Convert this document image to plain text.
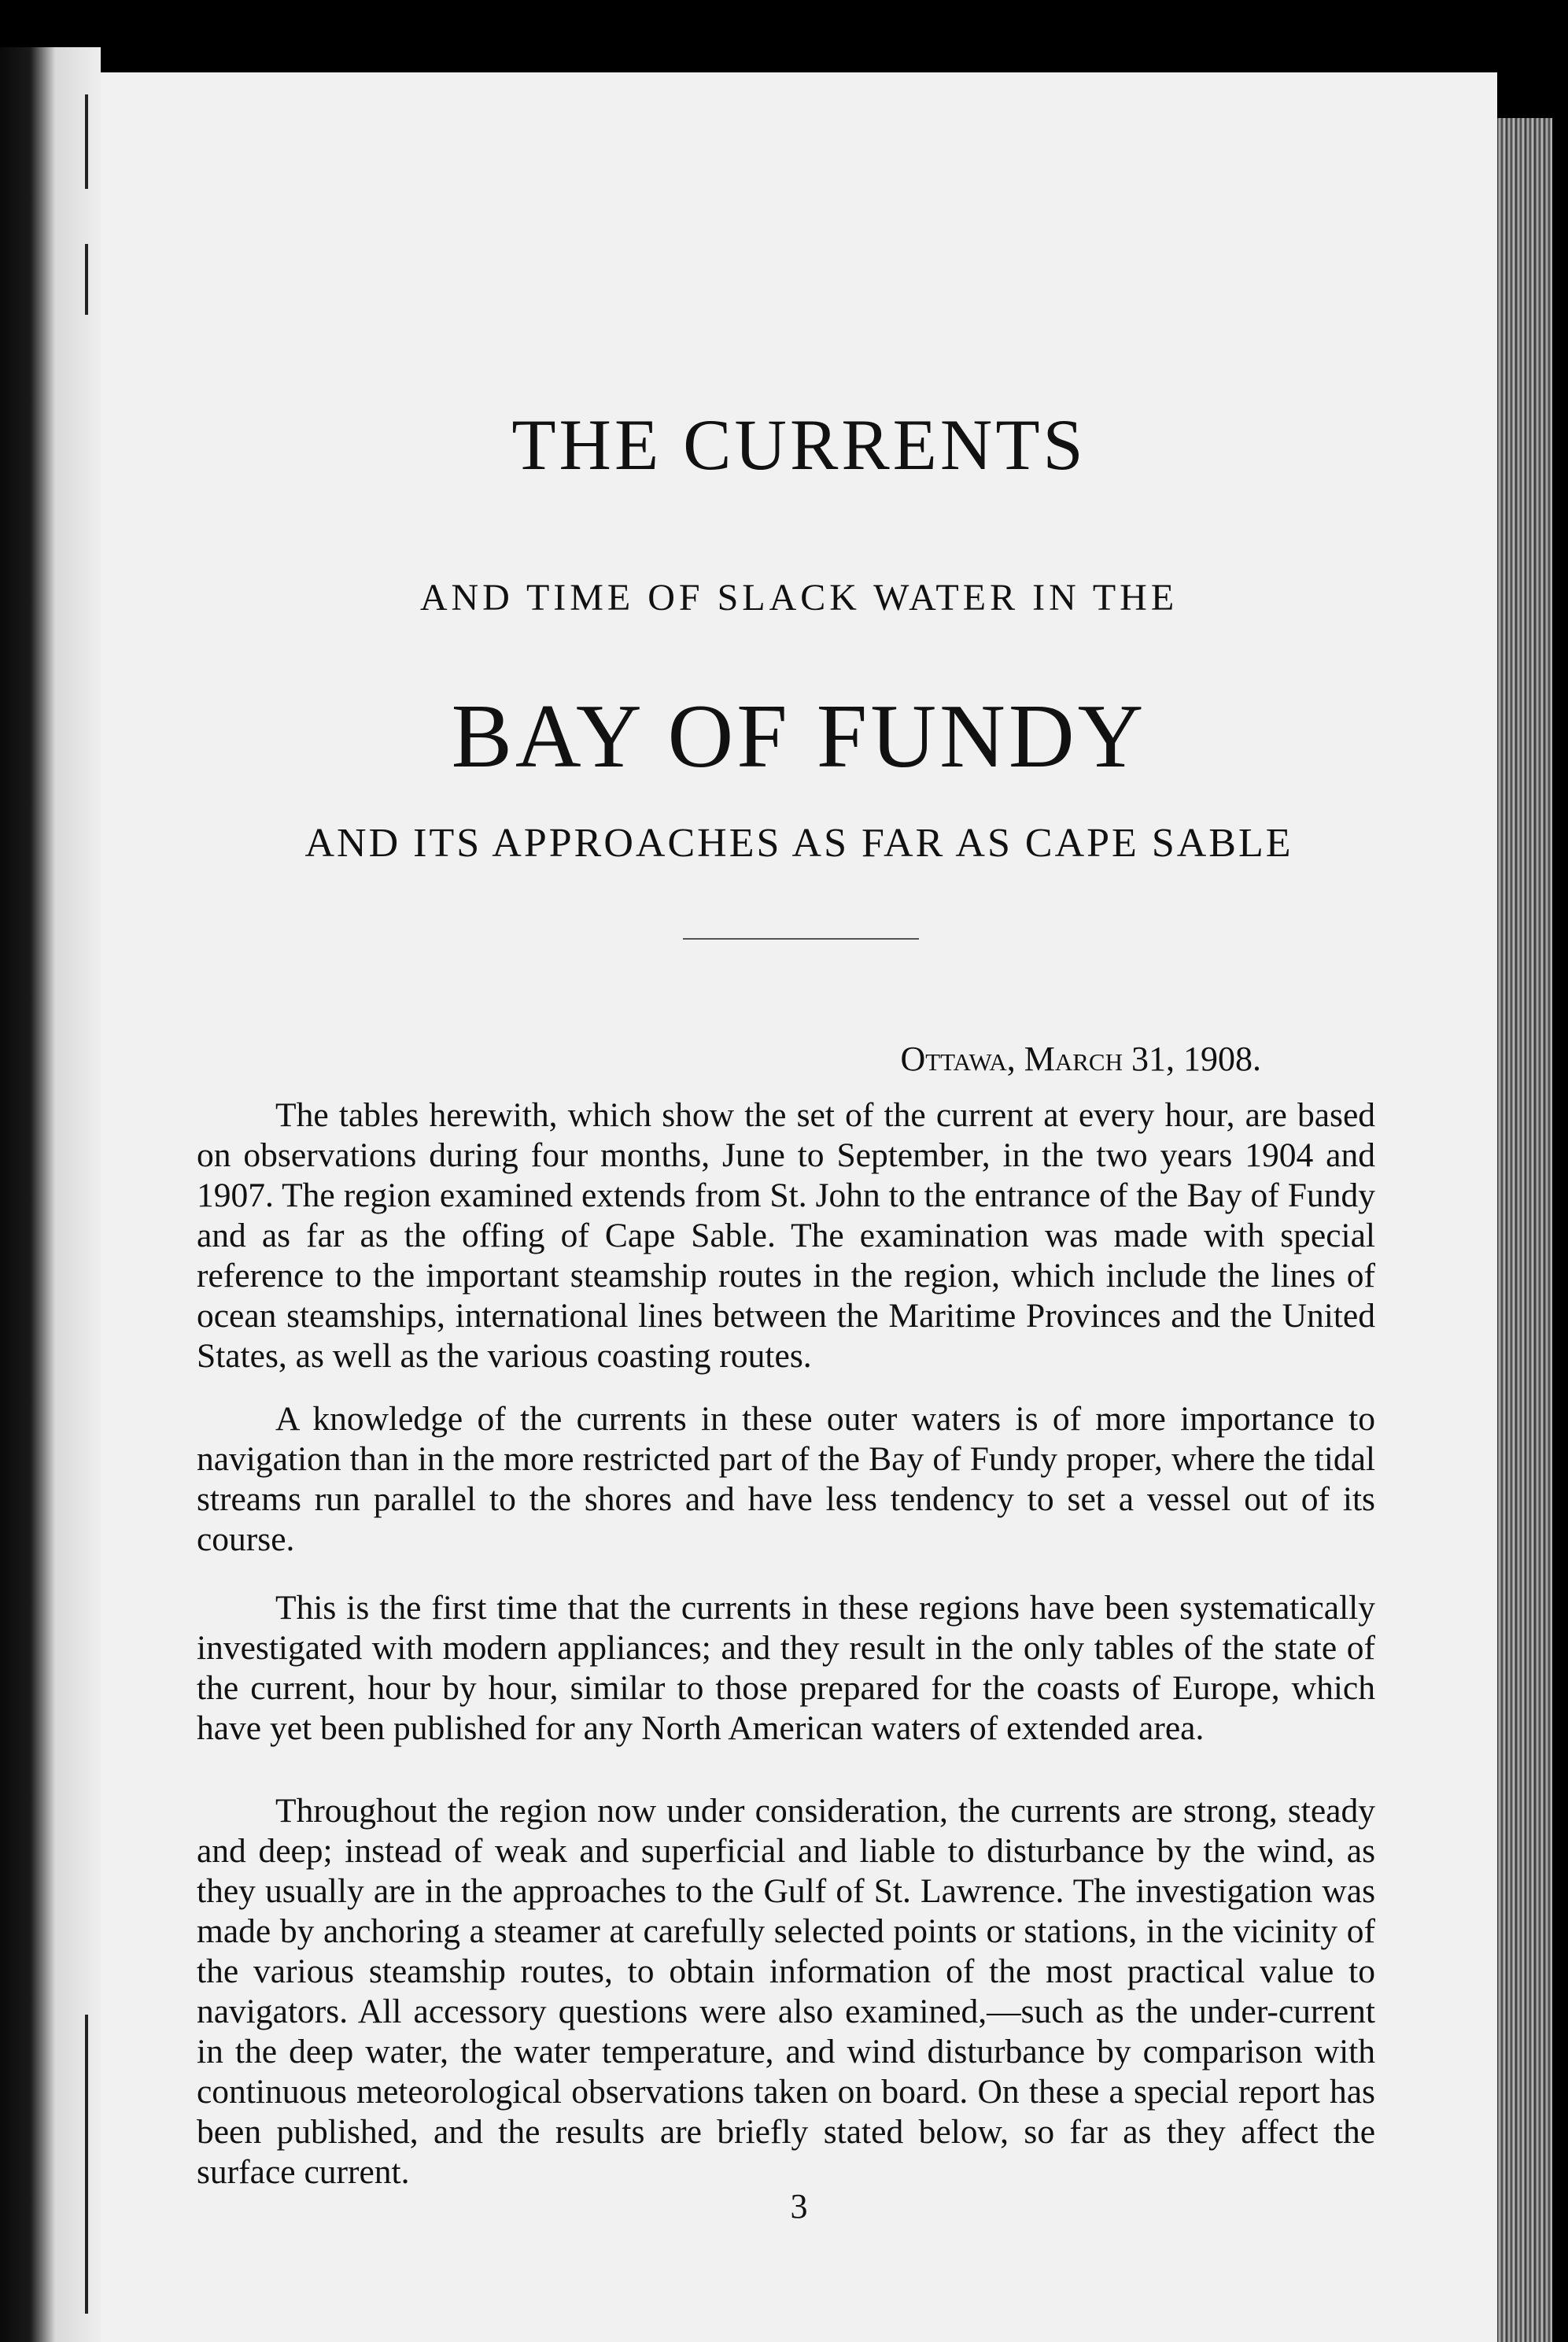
THE CURRENTS
AND TIME OF SLACK WATER IN THE
BAY OF FUNDY
AND ITS APPROACHES AS FAR AS CAPE SABLE
Ottawa, March 31, 1908.

The tables herewith, which show the set of the current at every hour, are based on observations during four months, June to September, in the two years 1904 and 1907. The region examined extends from St. John to the entrance of the Bay of Fundy and as far as the offing of Cape Sable. The examination was made with special reference to the important steamship routes in the region, which include the lines of ocean steamships, international lines between the Maritime Provinces and the United States, as well as the various coasting routes.

A knowledge of the currents in these outer waters is of more importance to navigation than in the more restricted part of the Bay of Fundy proper, where the tidal streams run parallel to the shores and have less tendency to set a vessel out of its course.

This is the first time that the currents in these regions have been systematically investigated with modern appliances; and they result in the only tables of the state of the current, hour by hour, similar to those prepared for the coasts of Europe, which have yet been published for any North American waters of extended area.

Throughout the region now under consideration, the currents are strong, steady and deep; instead of weak and superficial and liable to disturbance by the wind, as they usually are in the approaches to the Gulf of St. Lawrence. The investigation was made by anchoring a steamer at carefully selected points or stations, in the vicinity of the various steamship routes, to obtain information of the most practical value to navigators. All accessory questions were also examined,—such as the under-current in the deep water, the water temperature, and wind disturbance by comparison with continuous meteorological observations taken on board. On these a special report has been published, and the results are briefly stated below, so far as they affect the surface current.

3
